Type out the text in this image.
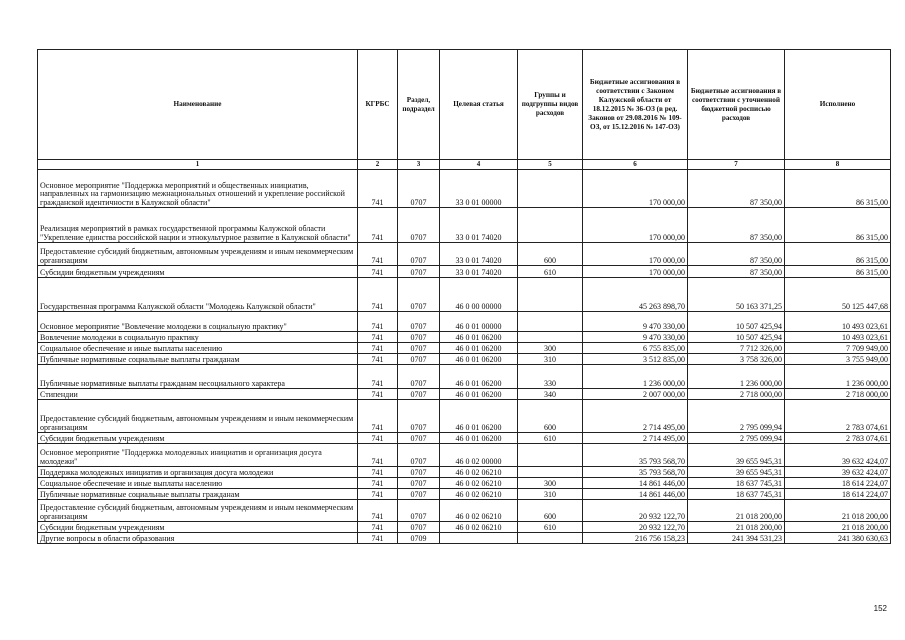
Наименование	КГРБС	Раздел, подраздел	Целевая статья	Группы и подгруппы видов расходов	Бюджетные ассигнования в соответствии с Законом Калужской области от 18.12.2015 № 36-ОЗ (в ред. Законов от 29.08.2016 № 109-ОЗ, от 15.12.2016 № 147-ОЗ)	Бюджетные ассигнования в соответствии с уточненной бюджетной росписью расходов	Исполнено
1	2	3	4	5	6	7	8
Основное мероприятие "Поддержка мероприятий и общественных инициатив, направленных на гармонизацию межнациональных отношений и укрепление российской гражданской идентичности в Калужской области"	741	0707	33 0 01 00000		170 000,00	87 350,00	86 315,00
Реализация мероприятий в рамках государственной программы Калужской области "Укрепление единства российской нации и этнокультурное развитие в Калужской области"	741	0707	33 0 01 74020		170 000,00	87 350,00	86 315,00
Предоставление субсидий бюджетным, автономным учреждениям и иным некоммерческим организациям	741	0707	33 0 01 74020	600	170 000,00	87 350,00	86 315,00
Субсидии бюджетным учреждениям	741	0707	33 0 01 74020	610	170 000,00	87 350,00	86 315,00
Государственная программа Калужской области "Молодежь Калужской области"	741	0707	46 0 00 00000		45 263 898,70	50 163 371,25	50 125 447,68
Основное мероприятие "Вовлечение молодежи в социальную практику"	741	0707	46 0 01 00000		9 470 330,00	10 507 425,94	10 493 023,61
Вовлечение молодежи в социальную практику	741	0707	46 0 01 06200		9 470 330,00	10 507 425,94	10 493 023,61
Социальное обеспечение и иные выплаты населению	741	0707	46 0 01 06200	300	6 755 835,00	7 712 326,00	7 709 949,00
Публичные нормативные социальные выплаты гражданам	741	0707	46 0 01 06200	310	3 512 835,00	3 758 326,00	3 755 949,00
Публичные нормативные выплаты гражданам несоциального характера	741	0707	46 0 01 06200	330	1 236 000,00	1 236 000,00	1 236 000,00
Стипендии	741	0707	46 0 01 06200	340	2 007 000,00	2 718 000,00	2 718 000,00
Предоставление субсидий бюджетным, автономным учреждениям и иным некоммерческим организациям	741	0707	46 0 01 06200	600	2 714 495,00	2 795 099,94	2 783 074,61
Субсидии бюджетным учреждениям	741	0707	46 0 01 06200	610	2 714 495,00	2 795 099,94	2 783 074,61
Основное мероприятие "Поддержка молодежных инициатив и организация досуга молодежи"	741	0707	46 0 02 00000		35 793 568,70	39 655 945,31	39 632 424,07
Поддержка молодежных инициатив и организация досуга молодежи	741	0707	46 0 02 06210		35 793 568,70	39 655 945,31	39 632 424,07
Социальное обеспечение и иные выплаты населению	741	0707	46 0 02 06210	300	14 861 446,00	18 637 745,31	18 614 224,07
Публичные нормативные социальные выплаты гражданам	741	0707	46 0 02 06210	310	14 861 446,00	18 637 745,31	18 614 224,07
Предоставление субсидий бюджетным, автономным учреждениям и иным некоммерческим организациям	741	0707	46 0 02 06210	600	20 932 122,70	21 018 200,00	21 018 200,00
Субсидии бюджетным учреждениям	741	0707	46 0 02 06210	610	20 932 122,70	21 018 200,00	21 018 200,00
Другие вопросы в области образования	741	0709			216 756 158,23	241 394 531,23	241 380 630,63
152
